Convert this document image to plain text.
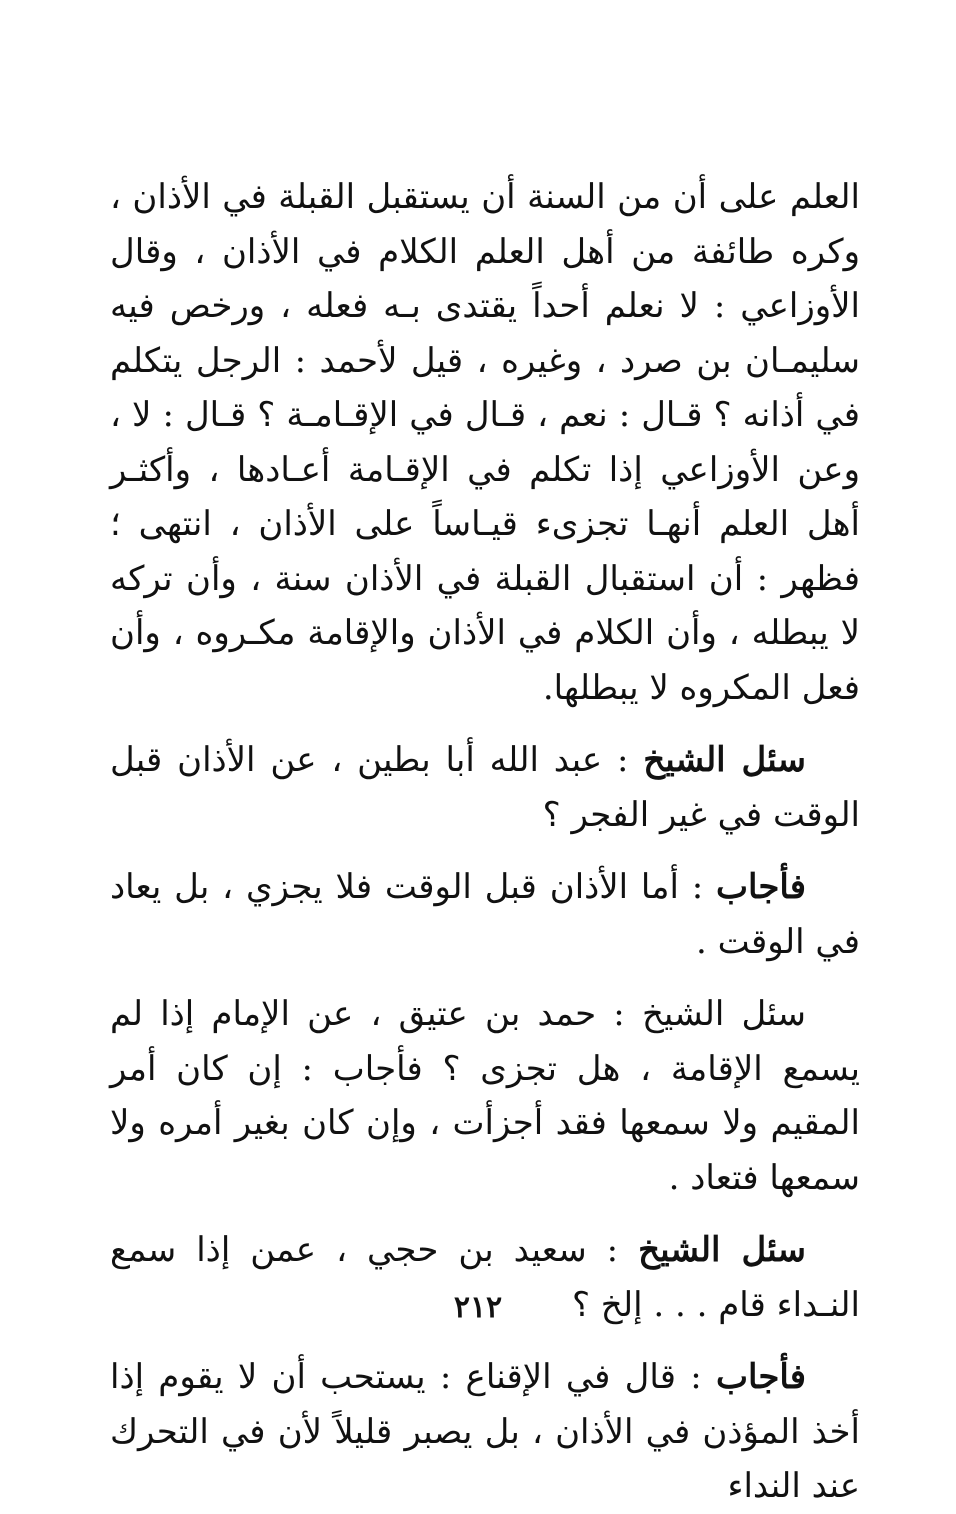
العلم على أن من السنة أن يستقبل القبلة في الأذان ، وكره طائفة من أهل العلم الكلام في الأذان ، وقال الأوزاعي : لا نعلم أحداً يقتدى بـه فعله ، ورخص فيه سليمـان بن صرد ، وغيره ، قيل لأحمد : الرجل يتكلم في أذانه ؟ قـال : نعم ، قـال في الإقـامـة ؟ قـال : لا ، وعن الأوزاعي إذا تكلم في الإقـامة أعـادها ، وأكثـر أهل العلم أنهـا تجزىء قيـاساً على الأذان ، انتهى ؛ فظهر : أن استقبال القبلة في الأذان سنة ، وأن تركه لا يبطله ، وأن الكلام في الأذان والإقامة مكـروه ، وأن فعل المكروه لا يبطلها.

سئل الشيخ : عبد الله أبا بطين ، عن الأذان قبل الوقت في غير الفجر ؟

فأجاب : أما الأذان قبل الوقت فلا يجزي ، بل يعاد في الوقت .

سئل الشيخ : حمد بن عتيق ، عن الإمام إذا لم يسمع الإقامة ، هل تجزى ؟ فأجاب : إن كان أمر المقيم ولا سمعها فقد أجزأت ، وإن كان بغير أمره ولا سمعها فتعاد .

سئل الشيخ : سعيد بن حجي ، عمن إذا سمع النـداء قام . . . إلخ ؟

فأجاب : قال في الإقناع : يستحب أن لا يقوم إذا أخذ المؤذن في الأذان ، بل يصبر قليلاً لأن في التحرك عند النداء

٢١٢
